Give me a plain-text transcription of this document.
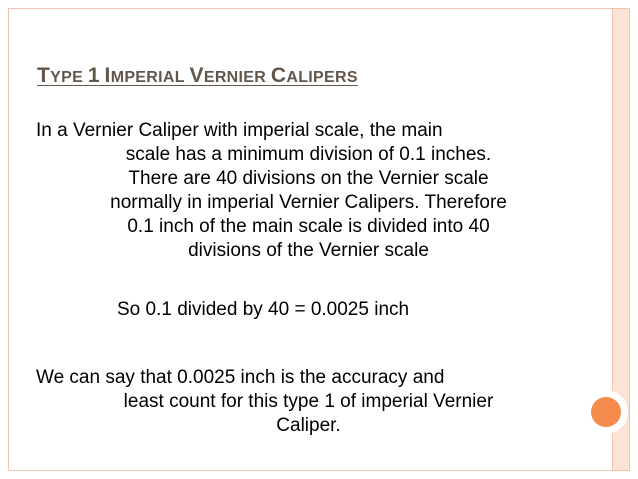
TYPE 1 IMPERIAL VERNIER CALIPERS
In a Vernier Caliper with imperial scale, the main
scale has a minimum division of 0.1 inches.
There are 40 divisions on the Vernier scale
normally in imperial Vernier Calipers. Therefore
0.1 inch of the main scale is divided into 40
divisions of the Vernier scale
So 0.1 divided by 40 = 0.0025 inch
We can say that 0.0025 inch is the accuracy and
least count for this type 1 of imperial Vernier
Caliper.
